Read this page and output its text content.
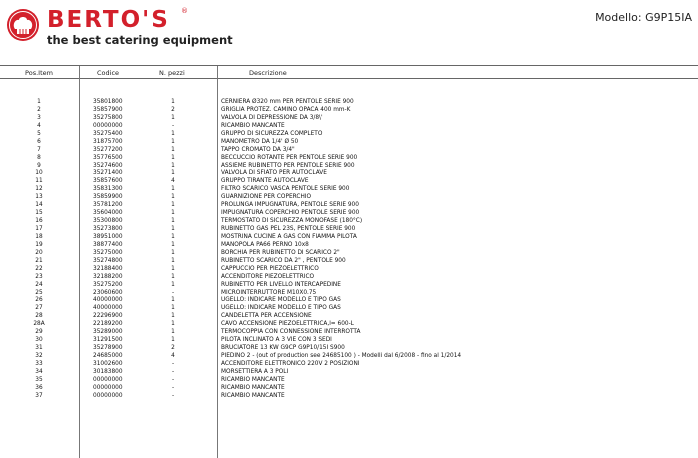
BERTO'S ®
the best catering equipment
Modello: G9P15IA
Pos.Item	Codice	N. pezzi	Descrizione
1	35801800	1	CERNIERA Ø320 mm PER PENTOLE SERIE 900
2	35857900	2	GRIGLIA PROTEZ. CAMINO OPACA 400 mm-K
3	35275800	1	VALVOLA DI DEPRESSIONE DA 3/8\'
4	00000000	-	RICAMBIO MANCANTE
5	35275400	1	GRUPPO DI SICUREZZA COMPLETO
6	31875700	1	MANOMETRO DA 1/4' Ø 50
7	35277200	1	TAPPO CROMATO DA 3/4"
8	35776500	1	BECCUCCIO ROTANTE PER PENTOLE SERIE 900
9	35274600	1	ASSIEME RUBINETTO PER PENTOLE SERIE 900
10	35271400	1	VALVOLA DI SFIATO PER AUTOCLAVE
11	35857600	4	GRUPPO TIRANTE AUTOCLAVE
12	35831300	1	FILTRO SCARICO VASCA PENTOLE SERIE 900
13	35859900	1	GUARNIZIONE PER COPERCHIO
14	35781200	1	PROLUNGA IMPUGNATURA, PENTOLE SERIE 900
15	35604000	1	IMPUGNATURA COPERCHIO PENTOLE SERIE 900
16	35300800	1	TERMOSTATO DI SICUREZZA MONOFASE (180°C)
17	35273800	1	RUBINETTO GAS PEL 23S, PENTOLE SERIE 900
18	38951000	1	MOSTRINA CUCINE A GAS CON FIAMMA PILOTA
19	38877400	1	MANOPOLA PA66 PERNO 10x8
20	35275000	1	BORCHIA PER RUBINETTO DI SCARICO 2"
21	35274800	1	RUBINETTO SCARICO DA 2" , PENTOLE 900
22	32188400	1	CAPPUCCIO PER PIEZOELETTRICO
23	32188200	1	ACCENDITORE PIEZOELETTRICO
24	35275200	1	RUBINETTO PER LIVELLO INTERCAPEDINE
25	23060600	-	MICROINTERRUTTORE M10X0.75
26	40000000	1	UGELLO: INDICARE MODELLO E TIPO GAS
27	40000000	1	UGELLO: INDICARE MODELLO E TIPO GAS
28	22296900	1	CANDELETTA PER ACCENSIONE
28A	22189200	1	CAVO ACCENSIONE PIEZOELETTRICA,l= 600-L
29	35289000	1	TERMOCOPPIA CON CONNESSIONE INTERROTTA
30	31291500	1	PILOTA INCLINATO A 3 VIE CON 3 SEDI
31	35278900	2	BRUCIATORE 13 KW G9CP G9P10/15I S900
32	24685000	4	PIEDINO 2 - (out of production see 24685100 ) - Modelli dal 6/2008 - fino al 1/2014
33	31002600	-	ACCENDITORE ELETTRONICO 220V 2 POSIZIONI
34	30183800	-	MORSETTIERA A 3 POLI
35	00000000	-	RICAMBIO MANCANTE
36	00000000	-	RICAMBIO MANCANTE
37	00000000	-	RICAMBIO MANCANTE
